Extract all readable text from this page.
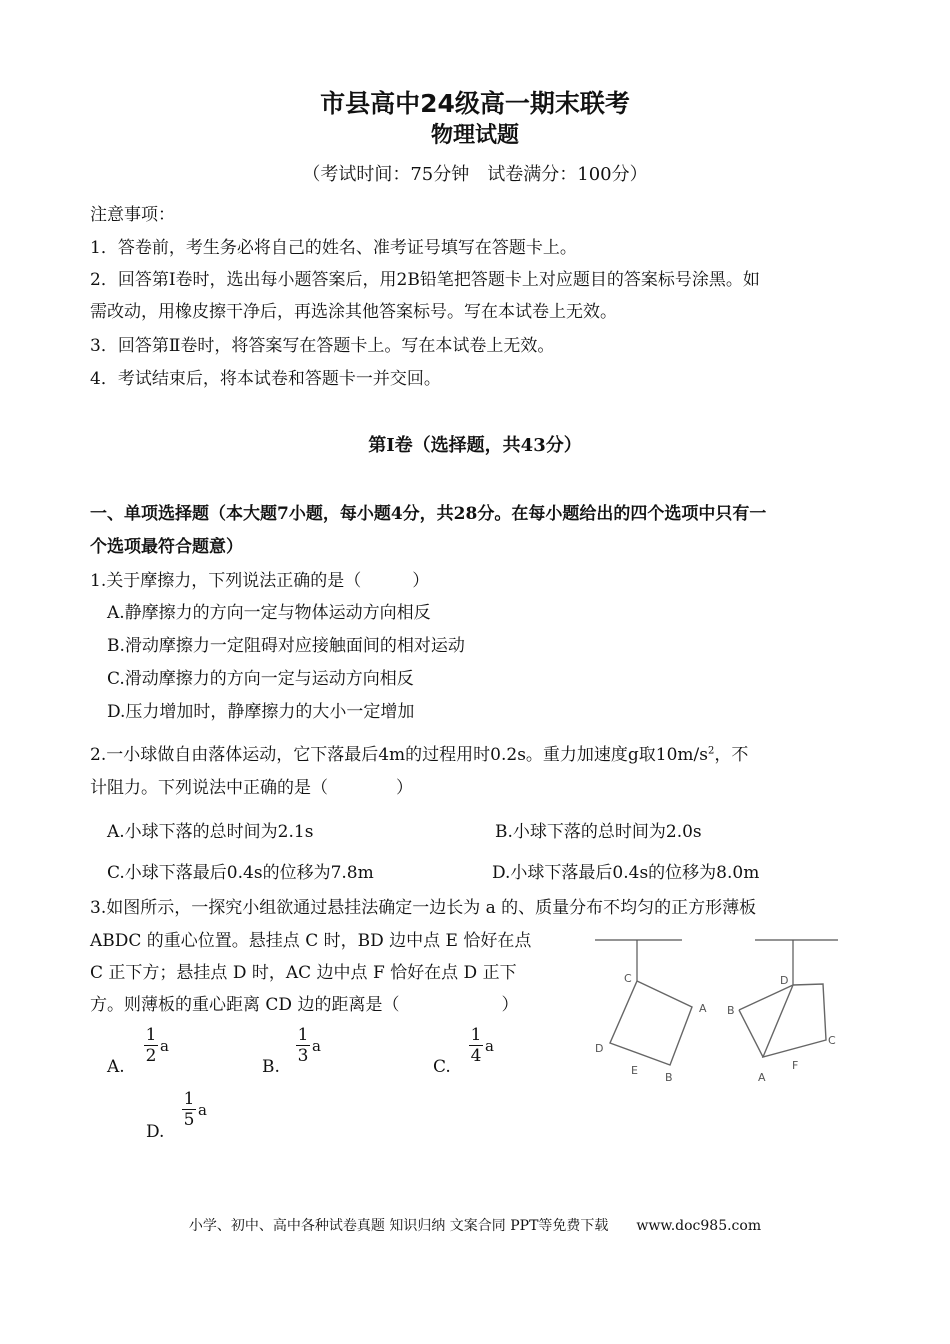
市县高中24级高一期末联考
物理试题
（考试时间：75分钟　试卷满分：100分）
注意事项：
1．答卷前，考生务必将自己的姓名、准考证号填写在答题卡上。
2．回答第Ⅰ卷时，选出每小题答案后，用2B铅笔把答题卡上对应题目的答案标号涂黑。如
需改动，用橡皮擦干净后，再选涂其他答案标号。写在本试卷上无效。
3．回答第Ⅱ卷时，将答案写在答题卡上。写在本试卷上无效。
4．考试结束后，将本试卷和答题卡一并交回。
第Ⅰ卷（选择题，共43分）
一、单项选择题（本大题7小题，每小题4分，共28分。在每小题给出的四个选项中只有一
个选项最符合题意）
1.关于摩擦力，下列说法正确的是（　　　）
A.静摩擦力的方向一定与物体运动方向相反
B.滑动摩擦力一定阻碍对应接触面间的相对运动
C.滑动摩擦力的方向一定与运动方向相反
D.压力增加时，静摩擦力的大小一定增加
2.一小球做自由落体运动，它下落最后4m的过程用时0.2s。重力加速度g取$10m/s^2$，不
计阻力。下列说法中正确的是（　　　　）
A.小球下落的总时间为2.1s	B.小球下落的总时间为2.0s
C.小球下落最后0.4s的位移为7.8m	D.小球下落最后0.4s的位移为8.0m
3.如图所示，一探究小组欲通过悬挂法确定一边长为 a 的、质量分布不均匀的正方形薄板
ABDC 的重心位置。悬挂点 C 时，BD 边中点 E 恰好在点
C 正下方；悬挂点 D 时，AC 边中点 F 恰好在点 D 正下
方。则薄板的重心距离 CD 边的距离是（　　　　　　）
A.
1
2 a
B.
1
3 a
C.
1
4 a
D.
1
5 a
C
A
D
E
B
D
B
C
A
F
小学、初中、高中各种试卷真题 知识归纳 文案合同 PPT等免费下载　　www.doc985.com
